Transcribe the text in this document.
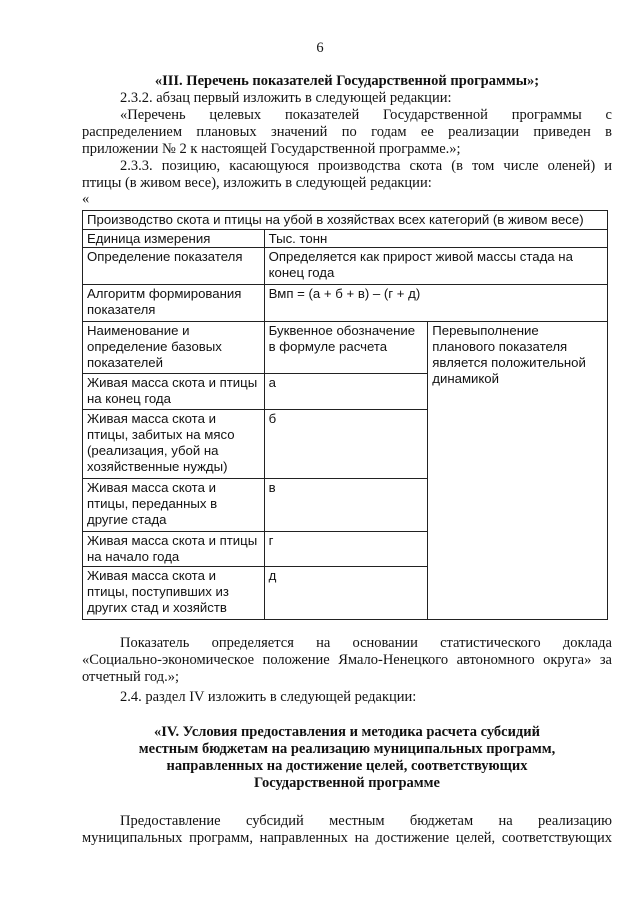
6
«III. Перечень показателей Государственной программы»;
2.3.2. абзац первый изложить в следующей редакции:
«Перечень целевых показателей Государственной программы с
распределением плановых значений по годам ее реализации приведен в
приложении № 2 к настоящей Государственной программе.»;
2.3.3. позицию, касающуюся производства скота (в том числе оленей) и
птицы (в живом весе), изложить в следующей редакции:
«
Производство скота и птицы на убой в хозяйствах всех категорий (в живом весе)		
Единица измерения	Тыс. тонн	
Определение показателя	Определяется как прирост живой массы стада на конец года	
Алгоритм формирования показателя	Вмп = (а + б + в) – (г + д)	
Наименование и определение базовых показателей	Буквенное обозначение в формуле расчета	Перевыполнение планового показателя является положительной динамикой
Живая масса скота и птицы на конец года	а	
Живая масса скота и птицы, забитых на мясо (реализация, убой на хозяйственные нужды)	б	
Живая масса скота и птицы, переданных в другие стада	в	
Живая масса скота и птицы на начало года	г	
Живая масса скота и птицы, поступивших из других стад и хозяйств	д	
Показатель определяется на основании статистического доклада
«Социально-экономическое положение Ямало-Ненецкого автономного округа» за
отчетный год.»;
2.4. раздел IV изложить в следующей редакции:
«IV. Условия предоставления и методика расчета субсидий
местным бюджетам на реализацию муниципальных программ,
направленных на достижение целей, соответствующих
Государственной программе
Предоставление субсидий местным бюджетам на реализацию
муниципальных программ, направленных на достижение целей, соответствующих
